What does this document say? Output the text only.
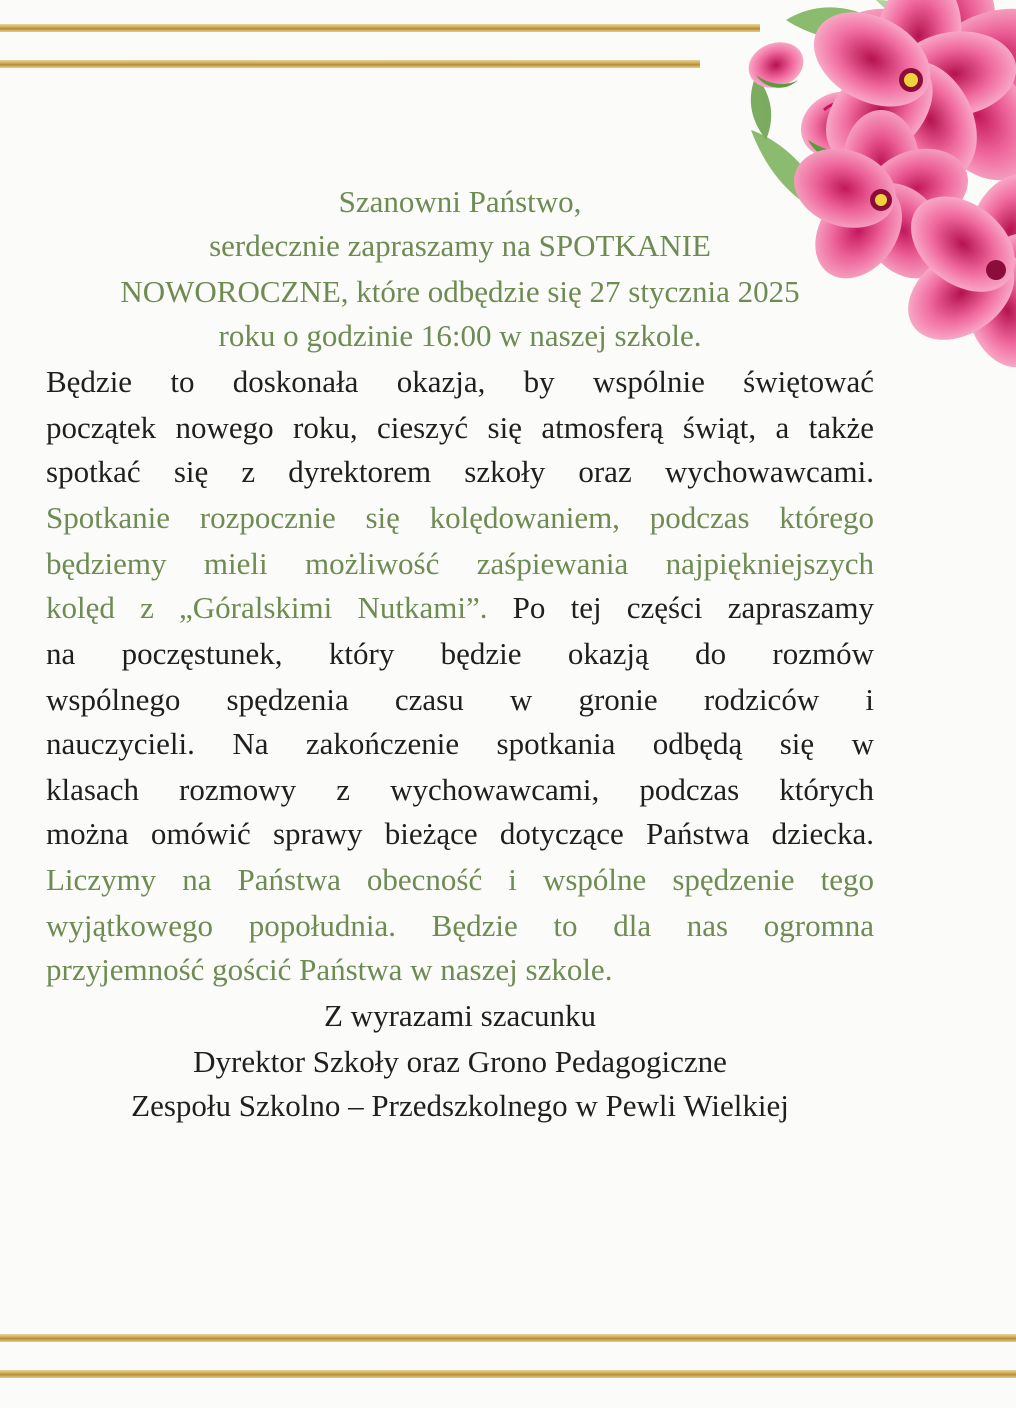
Szanowni Państwo,
serdecznie zapraszamy na SPOTKANIE
NOWOROCZNE, które odbędzie się 27 stycznia 2025
roku o godzinie 16:00 w naszej szkole.
Będzie to doskonała okazja, by wspólnie świętować
początek nowego roku, cieszyć się atmosferą świąt, a także
spotkać się z dyrektorem szkoły oraz wychowawcami.
Spotkanie rozpocznie się kolędowaniem, podczas którego
będziemy mieli możliwość zaśpiewania najpiękniejszych
kolęd z „Góralskimi Nutkami”. Po tej części zapraszamy
na poczęstunek, który będzie okazją do rozmów
wspólnego spędzenia czasu w gronie rodziców i
nauczycieli. Na zakończenie spotkania odbędą się w
klasach rozmowy z wychowawcami, podczas których
można omówić sprawy bieżące dotyczące Państwa dziecka.
Liczymy na Państwa obecność i wspólne spędzenie tego
wyjątkowego popołudnia. Będzie to dla nas ogromna
przyjemność gościć Państwa w naszej szkole.
Z wyrazami szacunku
Dyrektor Szkoły oraz Grono Pedagogiczne
Zespołu Szkolno – Przedszkolnego w Pewli Wielkiej
